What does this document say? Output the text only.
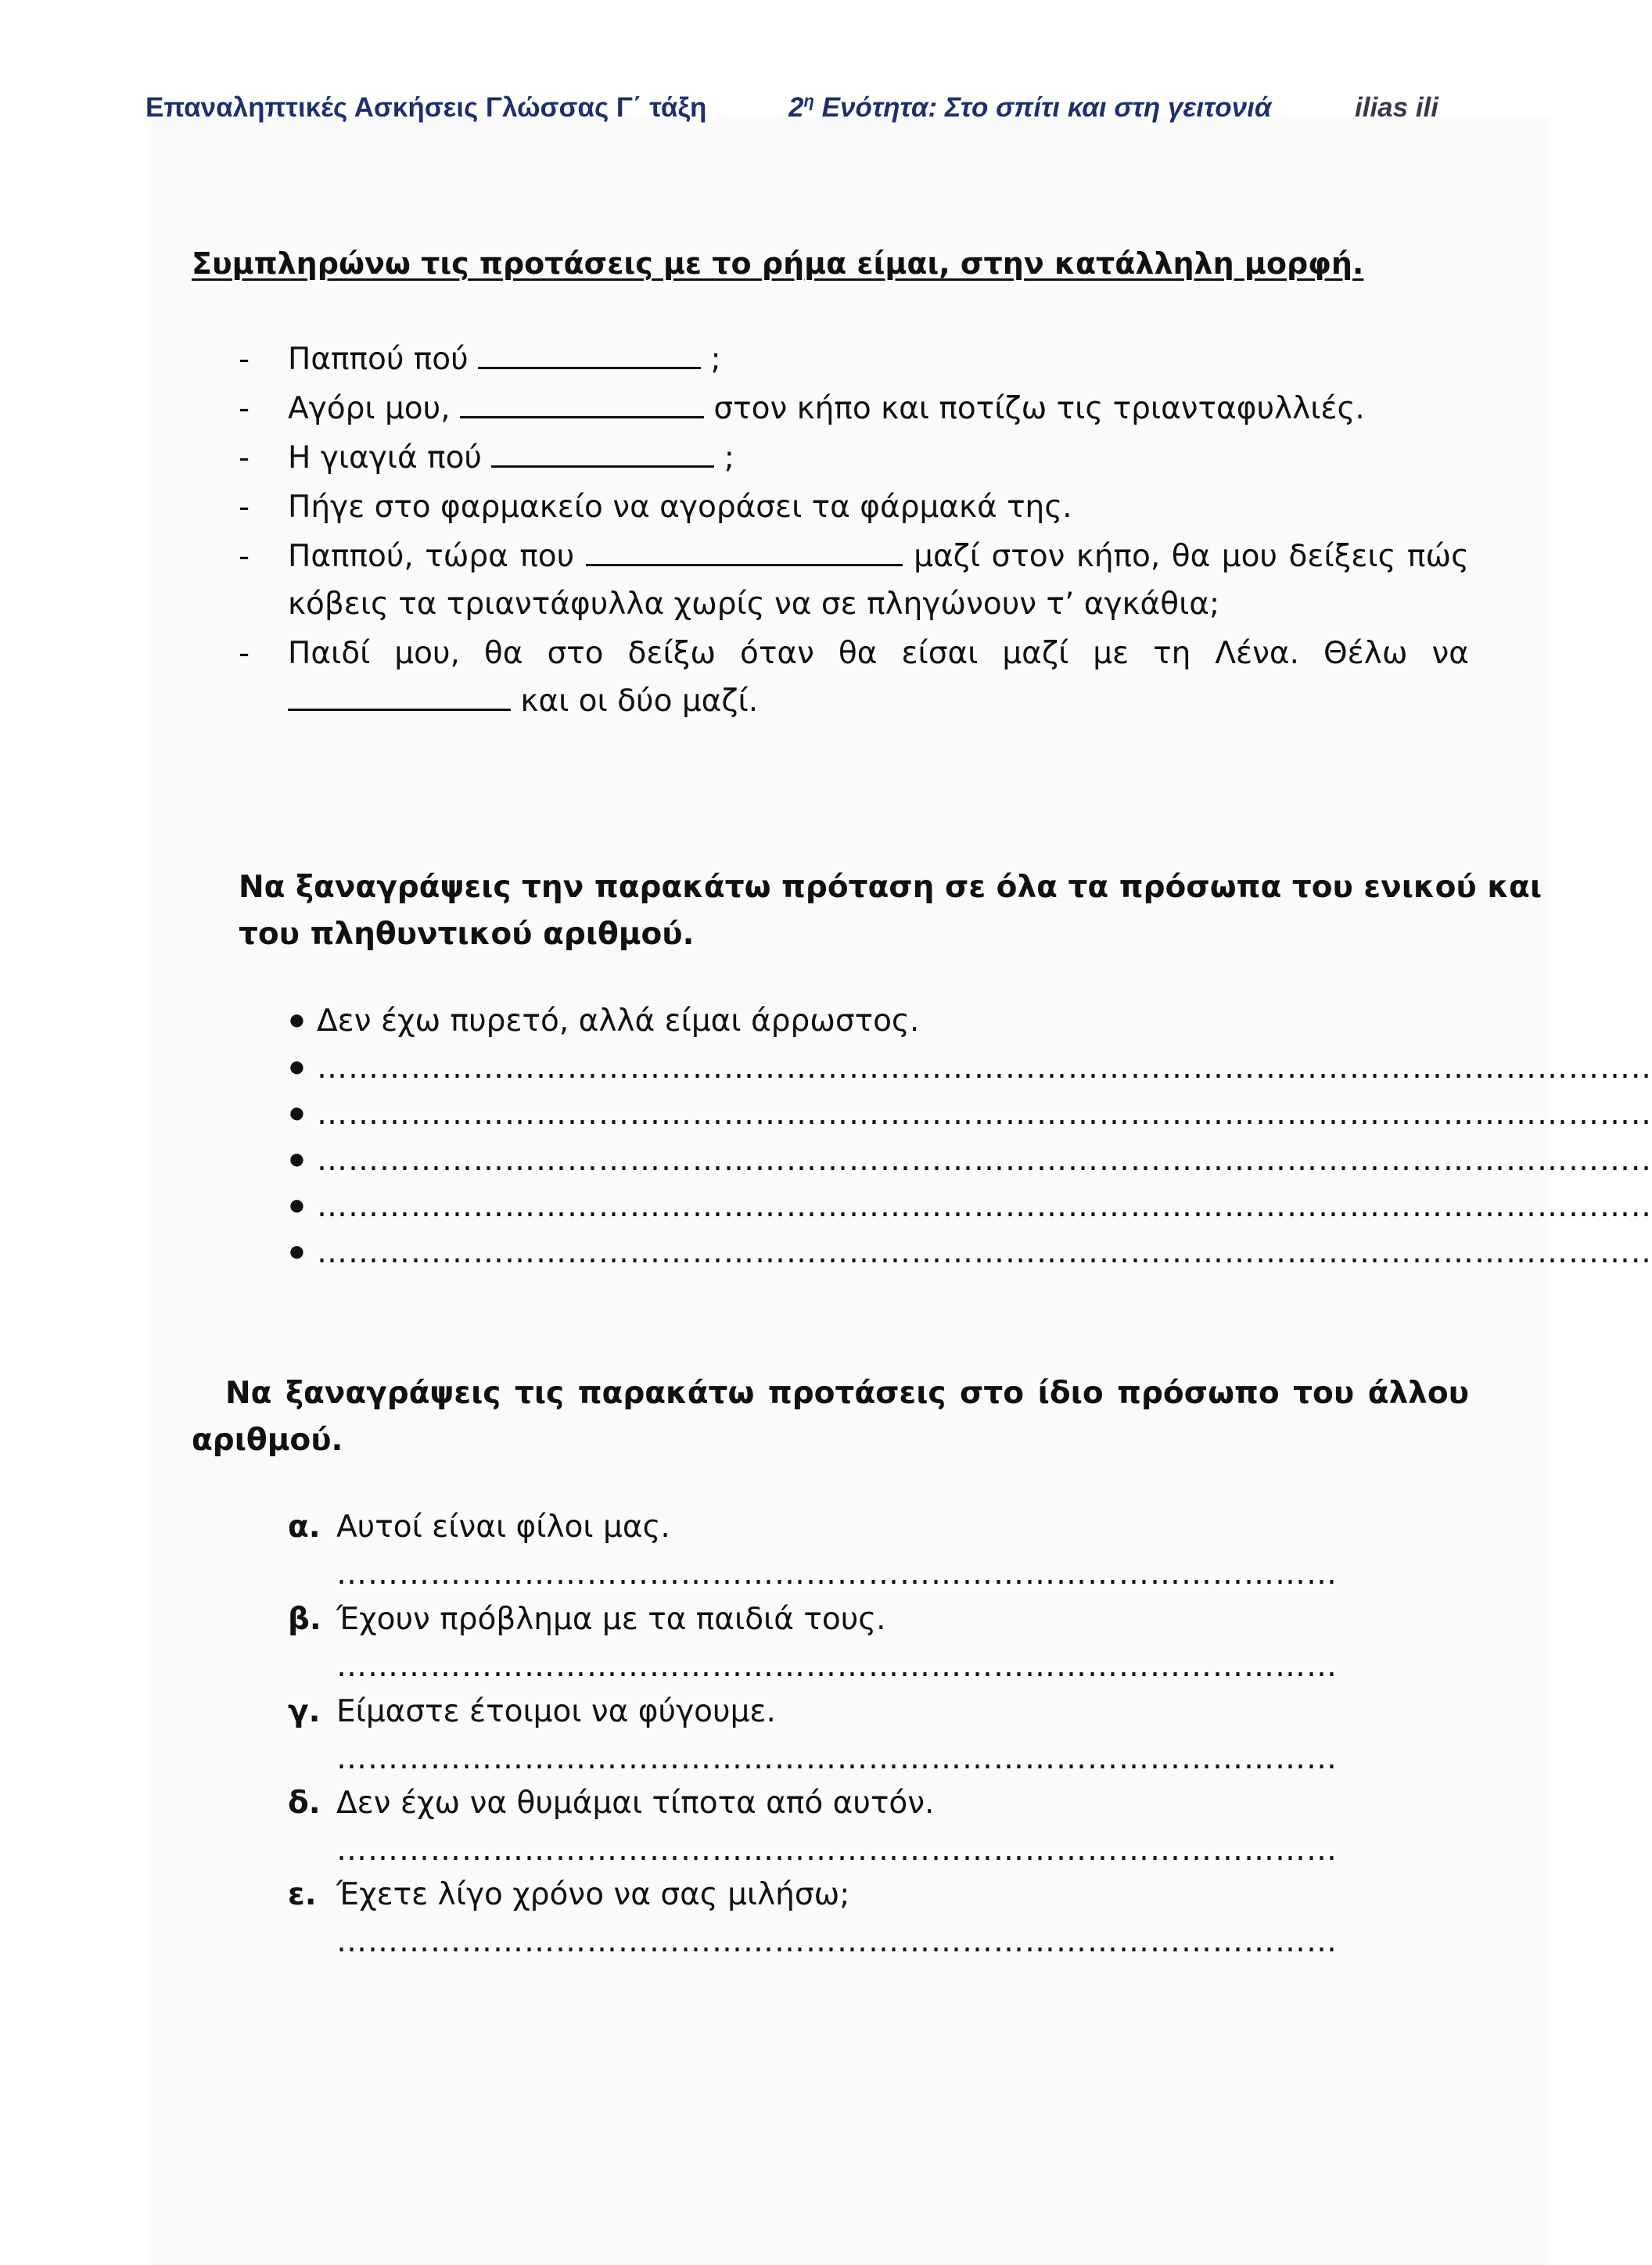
Επαναληπτικές Ασκήσεις Γλώσσας Γ΄ τάξη	$2^\eta$ Ενότητα: Στο σπίτι και στη γειτονιά	ilias ili
Συμπληρώνω τις προτάσεις με το ρήμα είμαι, στην κατάλληλη μορφή.
- Παππού πού	;
- Αγόρι μου,	στον κήπο και ποτίζω τις τριανταφυλλιές.
- Η γιαγιά πού	;
- Πήγε στο φαρμακείο να αγοράσει τα φάρμακά της.
- Παππού, τώρα που	μαζί στον κήπο, θα μου δείξεις πώς
κόβεις τα τριαντάφυλλα χωρίς να σε πληγώνουν τ’ αγκάθια;
- Παιδί μου, θα στο δείξω όταν θα είσαι μαζί με τη Λένα. Θέλω να
και οι δύο μαζί.
Να ξαναγράψεις την παρακάτω πρόταση σε όλα τα πρόσωπα του ενικού και
του πληθυντικού αριθμού.
● Δεν έχω πυρετό, αλλά είμαι άρρωστος.
● ………………………………………………………………………………………………………………..
● ………………………………………………………………………………………………………………..
● ………………………………………………………………………………………………………………..
● ………………………………………………………………………………………………………………..
● ………………………………………………………………………………………………………………..
Να ξαναγράψεις τις παρακάτω προτάσεις στο ίδιο πρόσωπο του άλλου
αριθμού.
α. Αυτοί είναι φίλοι μας.
……………………………………………………………………………………
β. Έχουν πρόβλημα με τα παιδιά τους.
……………………………………………………………………………………
γ. Είμαστε έτοιμοι να φύγουμε.
……………………………………………………………………………………
δ. Δεν έχω να θυμάμαι τίποτα από αυτόν.
……………………………………………………………………………………
ε. Έχετε λίγο χρόνο να σας μιλήσω;
……………………………………………………………………………………
